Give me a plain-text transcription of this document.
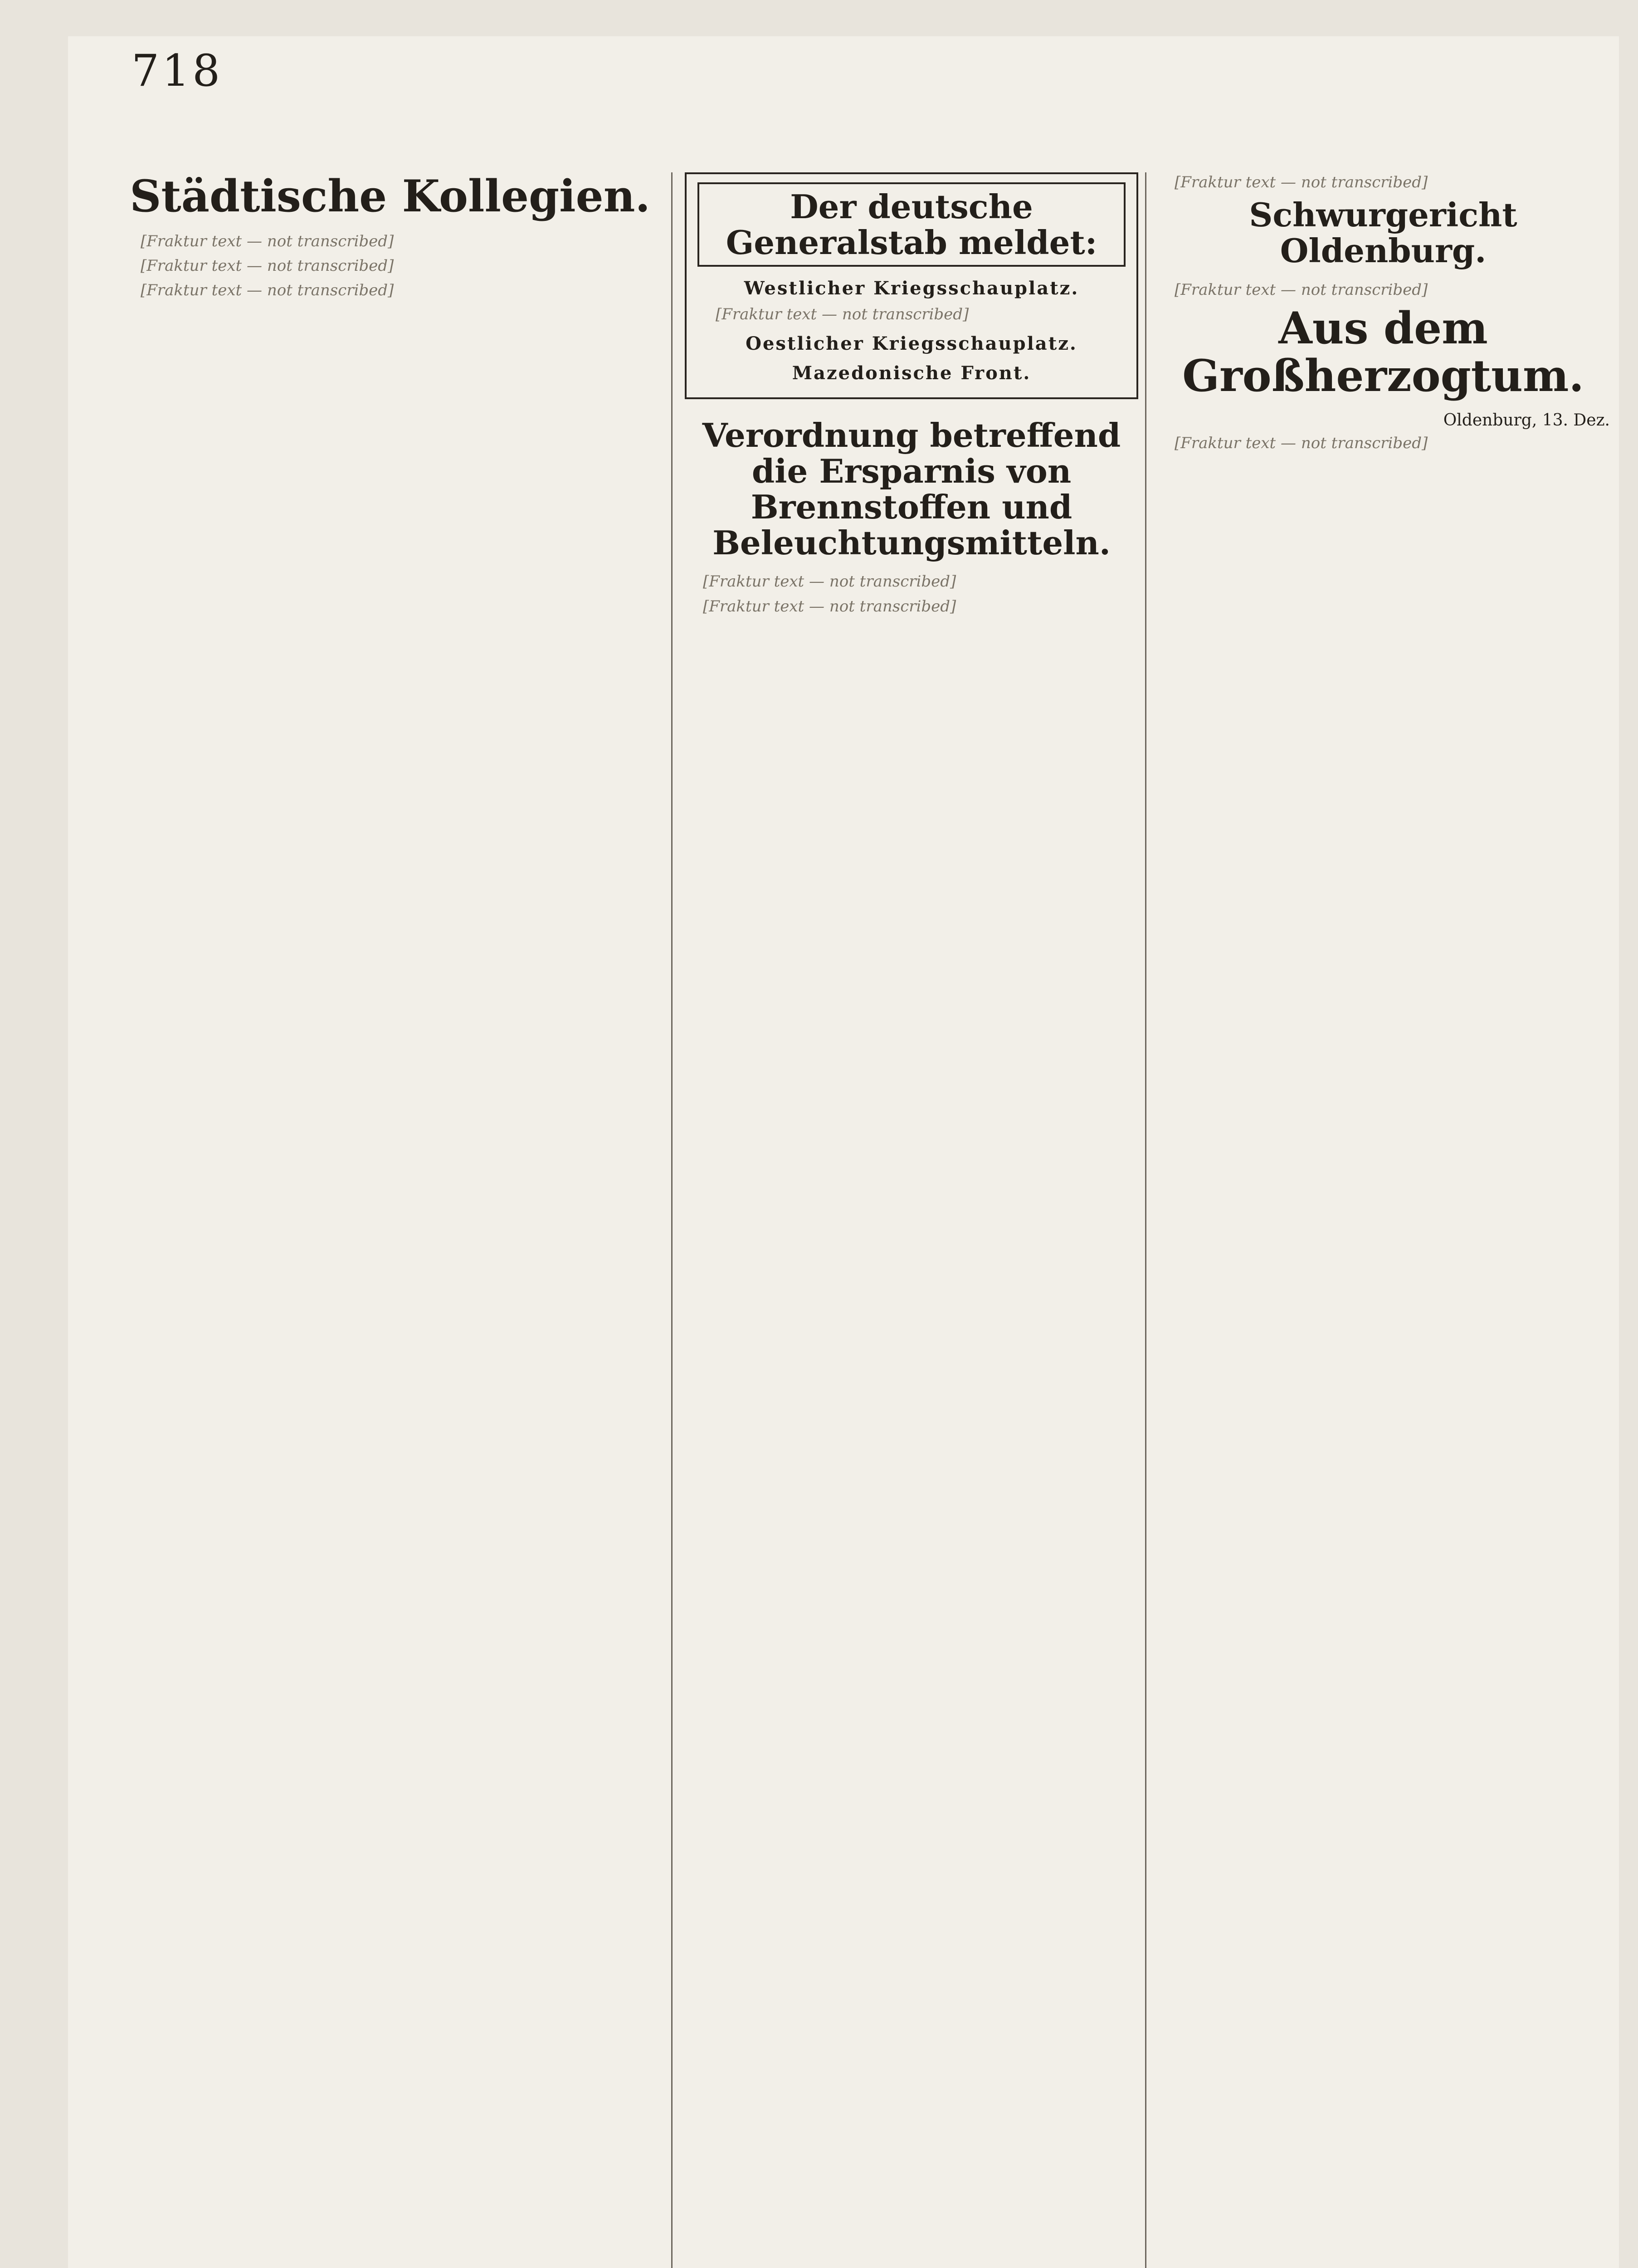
718
Städtische Kollegien.

[Fraktur text — not transcribed]

[Fraktur text — not transcribed]

[Fraktur text — not transcribed]

Der deutsche Generalstab meldet:
Westlicher Kriegsschauplatz.

[Fraktur text — not transcribed]

Oestlicher Kriegsschauplatz.
Mazedonische Front.
Verordnung betreffend die Ersparnis von Brennstoffen und Beleuchtungsmitteln.

[Fraktur text — not transcribed]

[Fraktur text — not transcribed]

[Fraktur text — not transcribed]

Schwurgericht Oldenburg.

[Fraktur text — not transcribed]

Aus dem Großherzogtum.
Oldenburg, 13. Dez.

[Fraktur text — not transcribed]
